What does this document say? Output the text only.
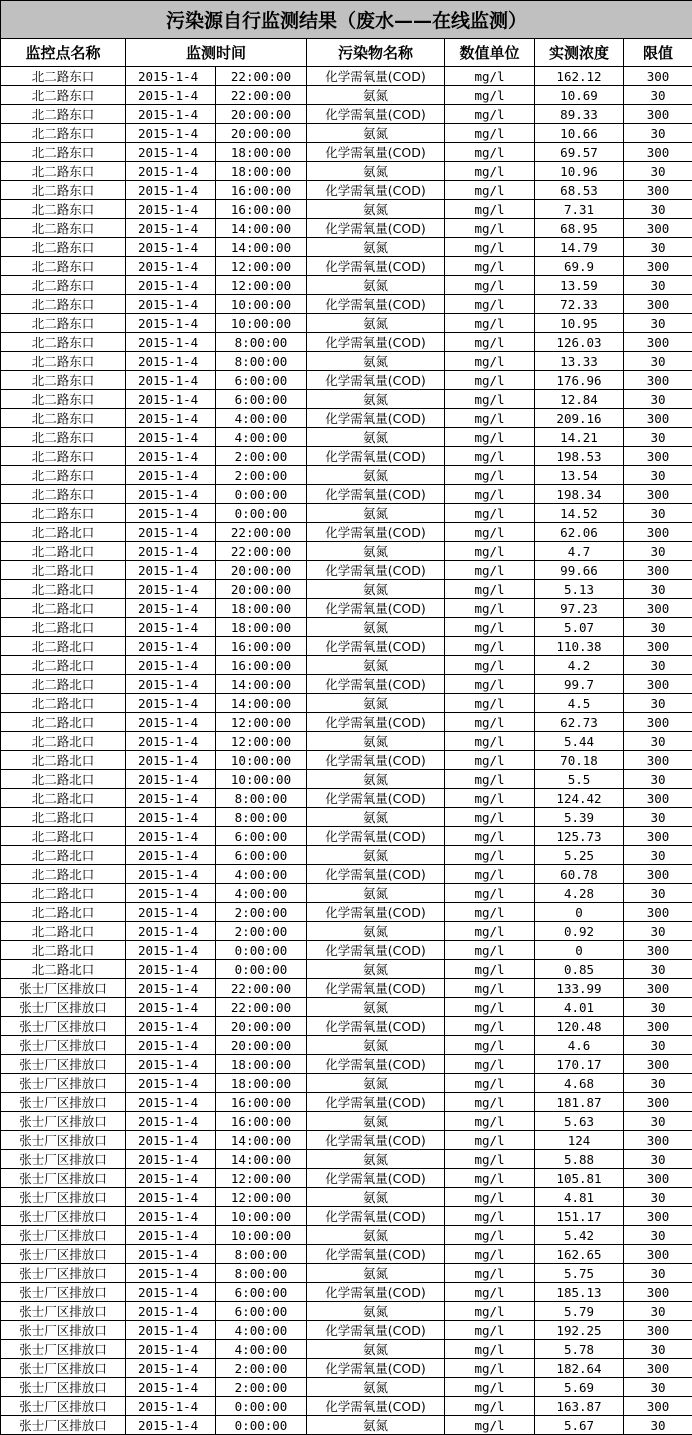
污染源自行监测结果（废水——在线监测）						
监控点名称	监测时间		污染物名称	数值单位	实测浓度	限值
北二路东口	2015-1-4	22:00:00	化学需氧量(COD)	mg/l	162.12	300
北二路东口	2015-1-4	22:00:00	氨氮	mg/l	10.69	30
北二路东口	2015-1-4	20:00:00	化学需氧量(COD)	mg/l	89.33	300
北二路东口	2015-1-4	20:00:00	氨氮	mg/l	10.66	30
北二路东口	2015-1-4	18:00:00	化学需氧量(COD)	mg/l	69.57	300
北二路东口	2015-1-4	18:00:00	氨氮	mg/l	10.96	30
北二路东口	2015-1-4	16:00:00	化学需氧量(COD)	mg/l	68.53	300
北二路东口	2015-1-4	16:00:00	氨氮	mg/l	7.31	30
北二路东口	2015-1-4	14:00:00	化学需氧量(COD)	mg/l	68.95	300
北二路东口	2015-1-4	14:00:00	氨氮	mg/l	14.79	30
北二路东口	2015-1-4	12:00:00	化学需氧量(COD)	mg/l	69.9	300
北二路东口	2015-1-4	12:00:00	氨氮	mg/l	13.59	30
北二路东口	2015-1-4	10:00:00	化学需氧量(COD)	mg/l	72.33	300
北二路东口	2015-1-4	10:00:00	氨氮	mg/l	10.95	30
北二路东口	2015-1-4	8:00:00	化学需氧量(COD)	mg/l	126.03	300
北二路东口	2015-1-4	8:00:00	氨氮	mg/l	13.33	30
北二路东口	2015-1-4	6:00:00	化学需氧量(COD)	mg/l	176.96	300
北二路东口	2015-1-4	6:00:00	氨氮	mg/l	12.84	30
北二路东口	2015-1-4	4:00:00	化学需氧量(COD)	mg/l	209.16	300
北二路东口	2015-1-4	4:00:00	氨氮	mg/l	14.21	30
北二路东口	2015-1-4	2:00:00	化学需氧量(COD)	mg/l	198.53	300
北二路东口	2015-1-4	2:00:00	氨氮	mg/l	13.54	30
北二路东口	2015-1-4	0:00:00	化学需氧量(COD)	mg/l	198.34	300
北二路东口	2015-1-4	0:00:00	氨氮	mg/l	14.52	30
北二路北口	2015-1-4	22:00:00	化学需氧量(COD)	mg/l	62.06	300
北二路北口	2015-1-4	22:00:00	氨氮	mg/l	4.7	30
北二路北口	2015-1-4	20:00:00	化学需氧量(COD)	mg/l	99.66	300
北二路北口	2015-1-4	20:00:00	氨氮	mg/l	5.13	30
北二路北口	2015-1-4	18:00:00	化学需氧量(COD)	mg/l	97.23	300
北二路北口	2015-1-4	18:00:00	氨氮	mg/l	5.07	30
北二路北口	2015-1-4	16:00:00	化学需氧量(COD)	mg/l	110.38	300
北二路北口	2015-1-4	16:00:00	氨氮	mg/l	4.2	30
北二路北口	2015-1-4	14:00:00	化学需氧量(COD)	mg/l	99.7	300
北二路北口	2015-1-4	14:00:00	氨氮	mg/l	4.5	30
北二路北口	2015-1-4	12:00:00	化学需氧量(COD)	mg/l	62.73	300
北二路北口	2015-1-4	12:00:00	氨氮	mg/l	5.44	30
北二路北口	2015-1-4	10:00:00	化学需氧量(COD)	mg/l	70.18	300
北二路北口	2015-1-4	10:00:00	氨氮	mg/l	5.5	30
北二路北口	2015-1-4	8:00:00	化学需氧量(COD)	mg/l	124.42	300
北二路北口	2015-1-4	8:00:00	氨氮	mg/l	5.39	30
北二路北口	2015-1-4	6:00:00	化学需氧量(COD)	mg/l	125.73	300
北二路北口	2015-1-4	6:00:00	氨氮	mg/l	5.25	30
北二路北口	2015-1-4	4:00:00	化学需氧量(COD)	mg/l	60.78	300
北二路北口	2015-1-4	4:00:00	氨氮	mg/l	4.28	30
北二路北口	2015-1-4	2:00:00	化学需氧量(COD)	mg/l	0	300
北二路北口	2015-1-4	2:00:00	氨氮	mg/l	0.92	30
北二路北口	2015-1-4	0:00:00	化学需氧量(COD)	mg/l	0	300
北二路北口	2015-1-4	0:00:00	氨氮	mg/l	0.85	30
张士厂区排放口	2015-1-4	22:00:00	化学需氧量(COD)	mg/l	133.99	300
张士厂区排放口	2015-1-4	22:00:00	氨氮	mg/l	4.01	30
张士厂区排放口	2015-1-4	20:00:00	化学需氧量(COD)	mg/l	120.48	300
张士厂区排放口	2015-1-4	20:00:00	氨氮	mg/l	4.6	30
张士厂区排放口	2015-1-4	18:00:00	化学需氧量(COD)	mg/l	170.17	300
张士厂区排放口	2015-1-4	18:00:00	氨氮	mg/l	4.68	30
张士厂区排放口	2015-1-4	16:00:00	化学需氧量(COD)	mg/l	181.87	300
张士厂区排放口	2015-1-4	16:00:00	氨氮	mg/l	5.63	30
张士厂区排放口	2015-1-4	14:00:00	化学需氧量(COD)	mg/l	124	300
张士厂区排放口	2015-1-4	14:00:00	氨氮	mg/l	5.88	30
张士厂区排放口	2015-1-4	12:00:00	化学需氧量(COD)	mg/l	105.81	300
张士厂区排放口	2015-1-4	12:00:00	氨氮	mg/l	4.81	30
张士厂区排放口	2015-1-4	10:00:00	化学需氧量(COD)	mg/l	151.17	300
张士厂区排放口	2015-1-4	10:00:00	氨氮	mg/l	5.42	30
张士厂区排放口	2015-1-4	8:00:00	化学需氧量(COD)	mg/l	162.65	300
张士厂区排放口	2015-1-4	8:00:00	氨氮	mg/l	5.75	30
张士厂区排放口	2015-1-4	6:00:00	化学需氧量(COD)	mg/l	185.13	300
张士厂区排放口	2015-1-4	6:00:00	氨氮	mg/l	5.79	30
张士厂区排放口	2015-1-4	4:00:00	化学需氧量(COD)	mg/l	192.25	300
张士厂区排放口	2015-1-4	4:00:00	氨氮	mg/l	5.78	30
张士厂区排放口	2015-1-4	2:00:00	化学需氧量(COD)	mg/l	182.64	300
张士厂区排放口	2015-1-4	2:00:00	氨氮	mg/l	5.69	30
张士厂区排放口	2015-1-4	0:00:00	化学需氧量(COD)	mg/l	163.87	300
张士厂区排放口	2015-1-4	0:00:00	氨氮	mg/l	5.67	30
